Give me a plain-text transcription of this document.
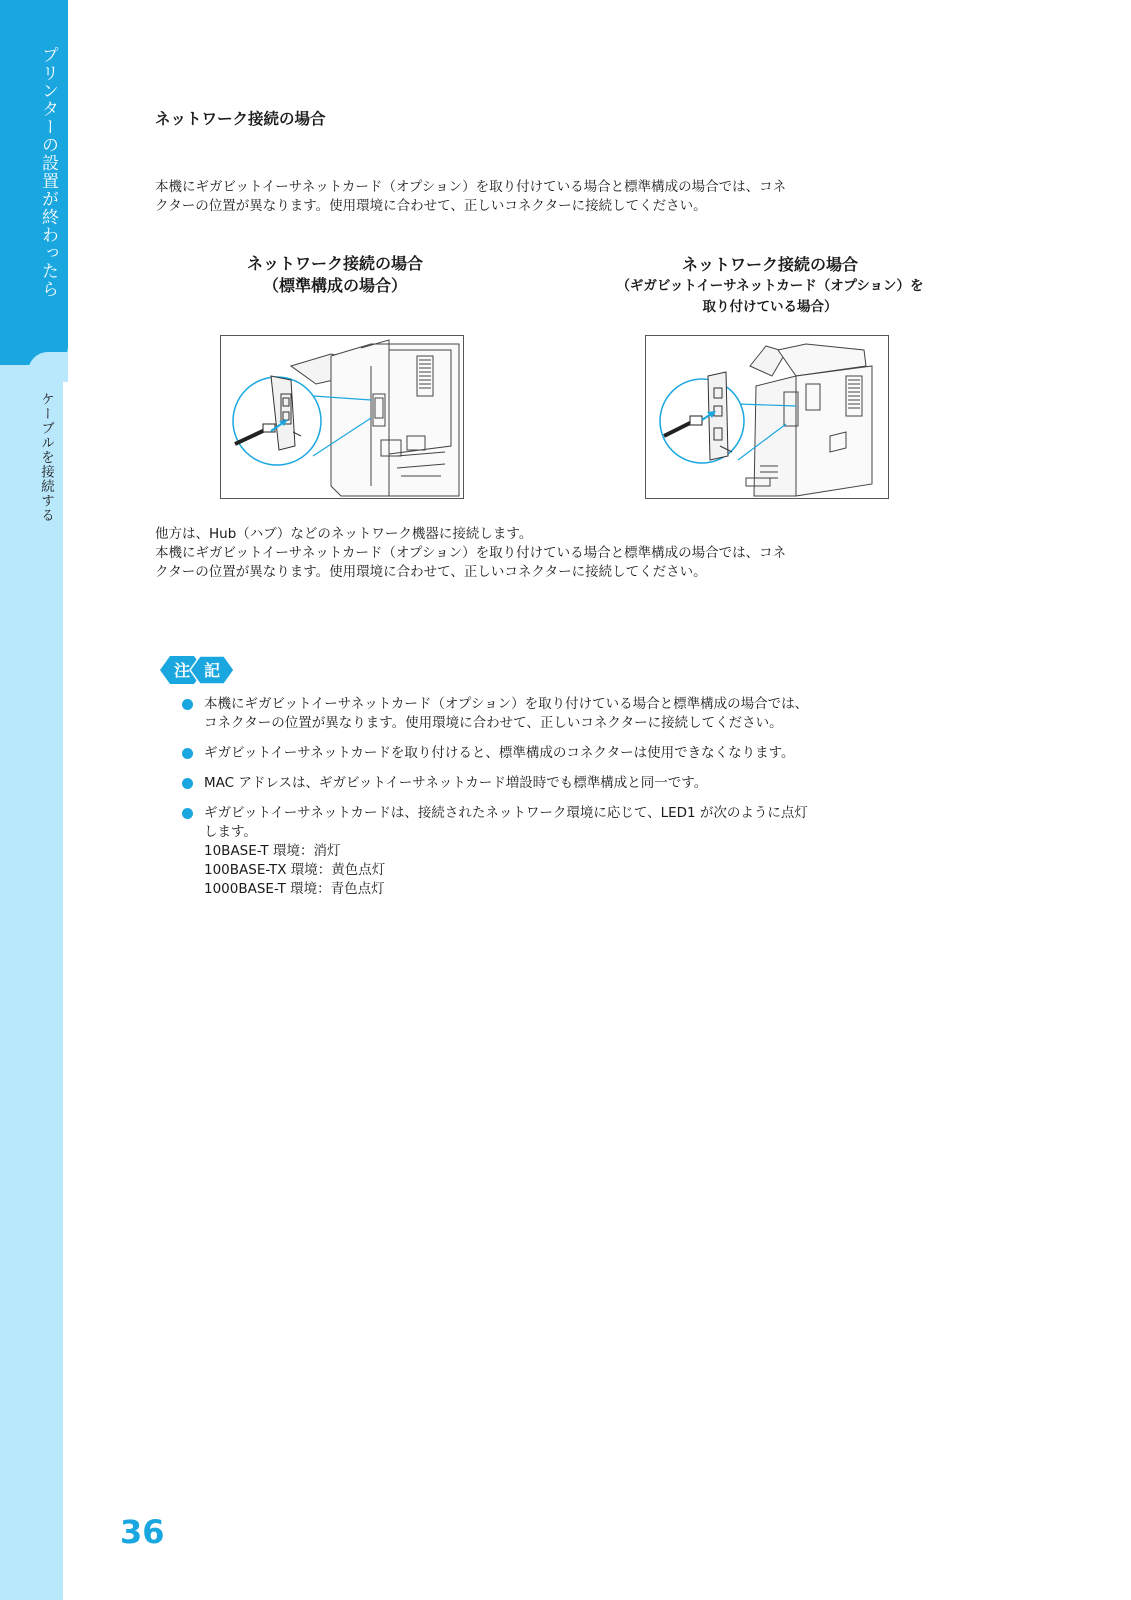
プリンターの設置が終わったら
ケーブルを接続する
36
ネットワーク接続の場合

本機にギガビットイーサネットカード（オプション）を取り付けている場合と標準構成の場合では、コネ

クターの位置が異なります。使用環境に合わせて、正しいコネクターに接続してください。

ネットワーク接続の場合
（標準構成の場合）
ネットワーク接続の場合
（ギガビットイーサネットカード（オプション）を
取り付けている場合）

他方は、Hub（ハブ）などのネットワーク機器に接続します。

本機にギガビットイーサネットカード（オプション）を取り付けている場合と標準構成の場合では、コネ

クターの位置が異なります。使用環境に合わせて、正しいコネクターに接続してください。

注 記
本機にギガビットイーサネットカード（オプション）を取り付けている場合と標準構成の場合では、
コネクターの位置が異なります。使用環境に合わせて、正しいコネクターに接続してください。
ギガビットイーサネットカードを取り付けると、標準構成のコネクターは使用できなくなります。
MAC アドレスは、ギガビットイーサネットカード増設時でも標準構成と同一です。
ギガビットイーサネットカードは、接続されたネットワーク環境に応じて、LED1 が次のように点灯
します。
10BASE-T 環境：消灯
100BASE-TX 環境：黄色点灯
1000BASE-T 環境：青色点灯
